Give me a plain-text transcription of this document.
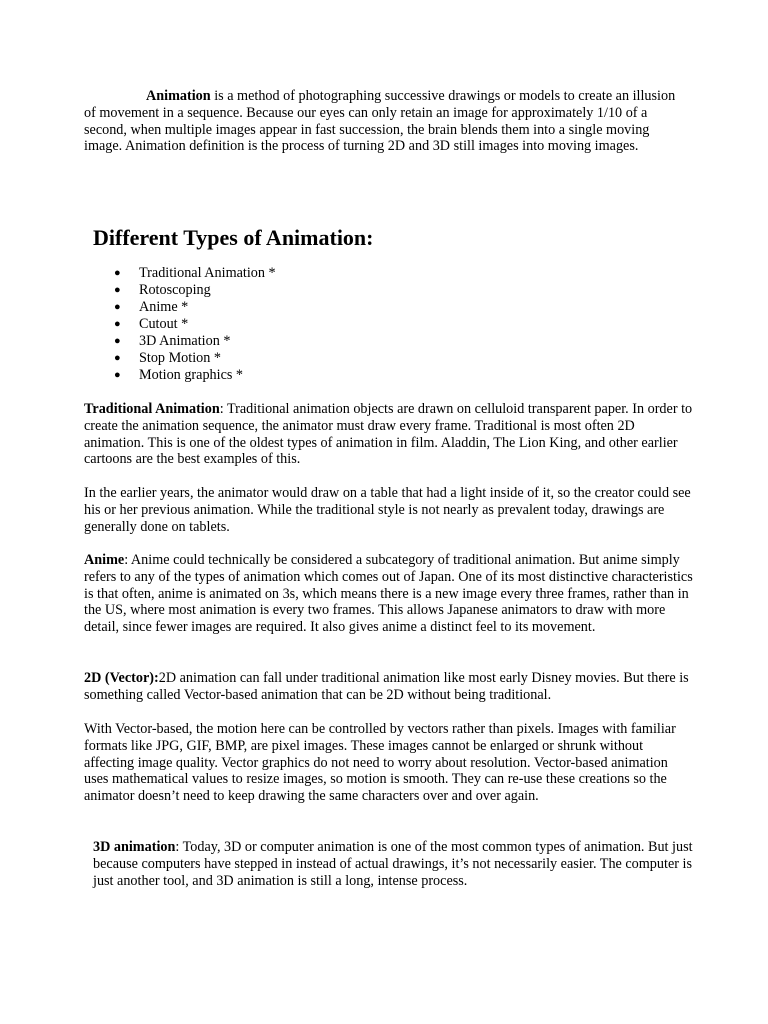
Animation is a method of photographing successive drawings or models to create an illusion of movement in a sequence. Because our eyes can only retain an image for approximately 1/10 of a second, when multiple images appear in fast succession, the brain blends them into a single moving image. Animation definition is the process of turning 2D and 3D still images into moving images.

Different Types of Animation:
● Traditional Animation *
● Rotoscoping
● Anime *
● Cutout *
● 3D Animation *
● Stop Motion *
● Motion graphics *

Traditional Animation: Traditional animation objects are drawn on celluloid transparent paper. In order to create the animation sequence, the animator must draw every frame. Traditional is most often 2D animation. This is one of the oldest types of animation in film. Aladdin, The Lion King, and other earlier cartoons are the best examples of this.

In the earlier years, the animator would draw on a table that had a light inside of it, so the creator could see his or her previous animation. While the traditional style is not nearly as prevalent today, drawings are generally done on tablets.

Anime: Anime could technically be considered a subcategory of traditional animation. But anime simply refers to any of the types of animation which comes out of Japan. One of its most distinctive characteristics is that often, anime is animated on 3s, which means there is a new image every three frames, rather than in the US, where most animation is every two frames. This allows Japanese animators to draw with more detail, since fewer images are required. It also gives anime a distinct feel to its movement.

2D (Vector):2D animation can fall under traditional animation like most early Disney movies. But there is something called Vector-based animation that can be 2D without being traditional.

With Vector-based, the motion here can be controlled by vectors rather than pixels. Images with familiar formats like JPG, GIF, BMP, are pixel images. These images cannot be enlarged or shrunk without affecting image quality. Vector graphics do not need to worry about resolution. Vector-based animation uses mathematical values to resize images, so motion is smooth. They can re-use these creations so the animator doesn’t need to keep drawing the same characters over and over again.

3D animation: Today, 3D or computer animation is one of the most common types of animation. But just because computers have stepped in instead of actual drawings, it’s not necessarily easier. The computer is just another tool, and 3D animation is still a long, intense process.
